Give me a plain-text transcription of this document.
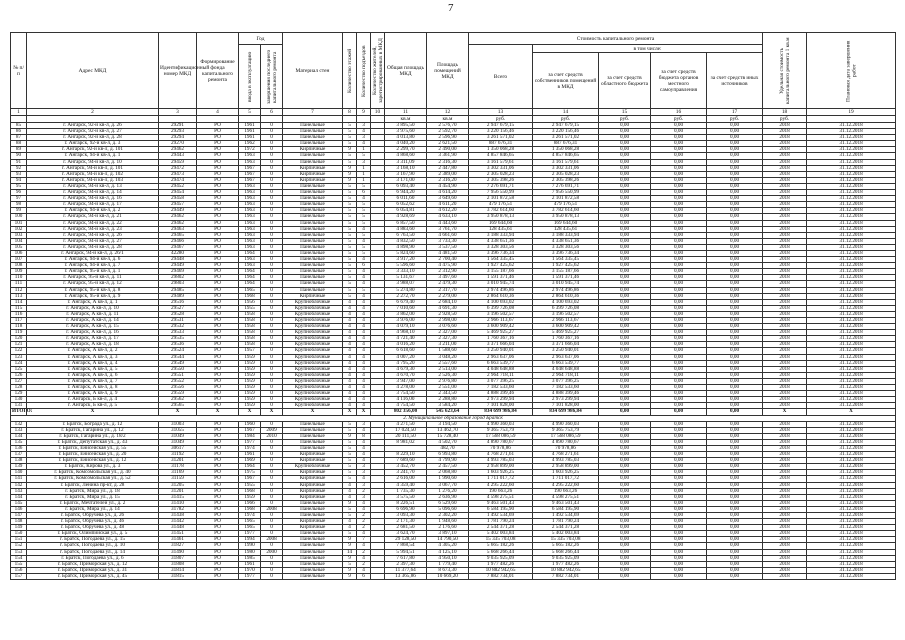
7
№ п/п	Адрес МКД	Идентификационный номер МКД	Формирование фонда капитального ремонта	Год		Материал стен	Количество этажей	Количество подъездов	Количество жителей, зарегистрированных в МКД	Общая площадь МКД	Площадь помещений МКД	Стоимость капитального ремонта					Удельная стоимость капитального ремонта 1 кв.м	Плановая дата завершения работ
				ввода в эксплуатацию	завершения последнего капитального ремонта							Всего	в том числе:					
													за счет средств собственников помещений в МКД	за счет средств областного бюджета	за счет средств бюджета органов местного самоуправления	за счет средств иных источников		
1	2	3	4	5	6	7	8	9	10	11	12	13	14	15	16	17	18	19
										кв.м	кв.м	руб.	руб.	руб.	руб.	руб.	руб.	
85	г. Ангарск, 92-й кв-л, д. 26	29291	РО	1961	0	Панельные	5	3		3 895,50	2 576,70	2 947 679,15	2 947 679,15	0,00	0,00	0,00	2018	31.12.2018
86	г. Ангарск, 92-й кв-л, д. 27	29293	РО	1961	0	Панельные	5	4		3 975,60	2 592,70	3 220 156,46	3 220 156,46	0,00	0,00	0,00	2018	31.12.2018
87	г. Ангарск, 92-й кв-л, д. 28	29294	РО	1961	0	Панельные	5	3		4 013,80	2 596,90	3 261 571,02	3 261 571,02	0,00	0,00	0,00	2018	31.12.2018
88	г. Ангарск, 92-й кв-л, д. 3	29270	РО	1962	0	Панельные	5	4		4 040,20	2 621,50	887 676,31	887 676,31	0,00	0,00	0,00	2018	31.12.2018
89	г. Ангарск, 92-й кв-л, д. 101	29462	РО	1972	0	Кирпичные	9	1		2 299,70	2 490,00	1 350 068,28	1 350 068,28	0,00	0,00	0,00	2018	31.12.2018
90	г. Ангарск, 94-й кв-л, д. 1	29443	РО	1963	0	Панельные	5	5		4 868,60	3 361,90	4 857 846,65	4 857 846,65	0,00	0,00	0,00	2018	31.12.2018
91	г. Ангарск, 94-й кв-л, д. 10	29459	РО	1963	0	Панельные	5	3		3 311,09	2 316,30	3 161 579,61	3 161 579,61	0,00	0,00	0,00	2018	31.12.2018
92	г. Ангарск, 94-й кв-л, д. 101	29472	РО	1967	0	Кирпичные	9	1		3 168,10	2 447,80	3 302 331,06	3 302 331,06	0,00	0,00	0,00	2018	31.12.2018
93	г. Ангарск, 94-й кв-л, д. 102	29473	РО	1967	0	Кирпичные	9	1		3 167,90	2 389,00	2 305 028,23	2 305 028,23	0,00	0,00	0,00	2018	31.12.2018
94	г. Ангарск, 94-й кв-л, д. 103	29474	РО	1967	0	Кирпичные	9	1		3 171,00	2 316,20	2 305 398,26	2 305 398,26	0,00	0,00	0,00	2018	31.12.2018
95	г. Ангарск, 94-й кв-л, д. 13	29452	РО	1963	0	Панельные	5	5		6 093,40	4 454,90	7 276 691,71	7 276 691,71	0,00	0,00	0,00	2018	31.12.2018
96	г. Ангарск, 94-й кв-л, д. 14	29454	РО	1963	0	Панельные	5	6		6 944,20	4 614,20	7 956 550,99	7 956 550,99	0,00	0,00	0,00	2018	31.12.2018
97	г. Ангарск, 94-й кв-л, д. 16	29458	РО	1963	0	Панельные	5	4		6 011,60	3 649,60	2 101 872,58	2 101 872,58	0,00	0,00	0,00	2018	31.12.2018
98	г. Ангарск, 94-й кв-л, д. 17	29457	РО	1963	0	Панельные	5	5		6 052,62	4 611,20	479 176,51	479 176,51	0,00	0,00	0,00	2018	31.12.2018
99	г. Ангарск, 94-й кв-л, д. 2	29449	РО	1963	0	Панельные	5	5		6 054,81	4 612,20	3 782 614,60	3 782 614,60	0,00	0,00	0,00	2018	31.12.2018
100	г. Ангарск, 94-й кв-л, д. 21	29462	РО	1963	0	Панельные	5	5		4 928,69	4 633,10	3 950 878,13	3 950 878,13	0,00	0,00	0,00	2018	31.12.2018
101	г. Ангарск, 94-й кв-л, д. 22	29462	РО	1963	0	Панельные	5	5		6 857,50	4 443,60	169 644,60	169 644,60	0,00	0,00	0,00	2018	31.12.2018
102	г. Ангарск, 94-й кв-л, д. 23	29463	РО	1963	0	Панельные	5	4		4 883,60	3 761,70	128 435,61	128 435,61	0,00	0,00	0,00	2018	31.12.2018
103	г. Ангарск, 94-й кв-л, д. 26	29465	РО	1963	0	Панельные	5	5		6 763,50	4 661,60	3 188 333,94	3 188 333,94	0,00	0,00	0,00	2018	31.12.2018
104	г. Ангарск, 94-й кв-л, д. 27	29466	РО	1963	0	Панельные	5	4		4 832,50	3 733,30	4 338 651,36	4 338 651,36	0,00	0,00	0,00	2018	31.12.2018
105	г. Ангарск, 94-й кв-л, д. 28	29467	РО	1963	0	Панельные	5	5		4 898,90	3 537,50	3 328 303,56	3 328 303,56	0,00	0,00	0,00	2018	31.12.2018
106	г. Ангарск, 94-й кв-л, д. 26/1	42280	РО	1964	0	Панельные	5	5		5 824,60	4 481,50	3 396 736,34	3 396 736,34	0,00	0,00	0,00	2018	31.12.2018
107	г. Ангарск, 94-й кв-л, д. 6	29448	РО	1963	0	Панельные	5	4		3 917,20	2 700,40	1 564 335,45	1 564 335,45	0,00	0,00	0,00	2018	31.12.2018
108	г. Ангарск, 94-й кв-л, д. 7	29449	РО	1963	0	Панельные	5	6		5 596,60	4 475,90	1 927 425,62	1 927 425,62	0,00	0,00	0,00	2018	31.12.2018
109	г. Ангарск, 95-й кв-л, д. 1	29469	РО	1964	0	Панельные	5	4		3 333,10	2 312,90	3 155 187,66	3 155 187,66	0,00	0,00	0,00	2018	31.12.2018
110	г. Ангарск, 95-й кв-л, д. 11	29802	РО	1964	0	Панельные	5	4		5 131,67	3 497,60	1 591 371,46	1 591 371,46	0,00	0,00	0,00	2018	31.12.2018
111	г. Ангарск, 95-й кв-л, д. 12	29803	РО	1964	0	Панельные	5	4		3 988,07	2 479,30	3 010 945,74	3 010 945,74	0,00	0,00	0,00	2018	31.12.2018
112	г. Ангарск, 95-й кв-л, д. 8	29485	РО	1965	0	Панельные	5	5		5 274,80	2 317,70	2 974 496,86	2 974 496,86	0,00	0,00	0,00	2018	31.12.2018
113	г. Ангарск, 95-й кв-л, д. 9	29489	РО	1968	0	Кирпичные	5	4		2 272,70	2 279,00	2 864 610,36	2 864 610,36	0,00	0,00	0,00	2018	31.12.2018
114	г. Ангарск, А кв-л, д. 1	29516	РО	1956	0	Крупноблочные	4	4		6 679,40	2 684,10	4 100 693,02	4 100 693,02	0,00	0,00	0,00	2018	31.12.2018
115	г. Ангарск, А кв-л, д. 10	29527	РО	1955	0	Крупноблочные	4	4		7 010,60	4 691,30	6 399 726,08	6 399 726,08	0,00	0,00	0,00	2018	31.12.2018
116	г. Ангарск, А кв-л, д. 11	29528	РО	1958	0	Крупноблочные	4	4		3 862,00	2 928,50	3 196 502,57	3 196 502,57	0,00	0,00	0,00	2018	31.12.2018
117	г. Ангарск, А кв-л, д. 14	29531	РО	1958	0	Крупноблочные	4	4		3 976,00	2 998,00	2 966 113,67	2 966 113,67	0,00	0,00	0,00	2018	31.12.2018
118	г. Ангарск, А кв-л, д. 15	29532	РО	1958	0	Крупноблочные	4	4		4 079,10	3 076,60	3 600 909,42	3 600 909,42	0,00	0,00	0,00	2018	31.12.2018
119	г. Ангарск, А кв-л, д. 16	29533	РО	1958	0	Крупноблочные	4	4		4 968,10	2 327,00	5 469 925,27	5 469 925,27	0,00	0,00	0,00	2018	31.12.2018
120	г. Ангарск, А кв-л, д. 17	29535	РО	1958	0	Крупноблочные	4	4		4 721,40	2 327,30	1 760 367,16	1 760 367,16	0,00	0,00	0,00	2018	31.12.2018
121	г. Ангарск, А кв-л, д. 18	29536	РО	1958	0	Крупноблочные	4	4		4 016,20	3 211,00	3 371 666,04	3 371 666,04	0,00	0,00	0,00	2018	31.12.2018
122	г. Ангарск, А кв-л, д. 2	29524	РО	1957	0	Крупноблочные	4	4		6 618,60	1 588,60	3 250 940,01	3 250 940,01	0,00	0,00	0,00	2018	31.12.2018
123	г. Ангарск, А кв-л, д. 3	29544	РО	1959	0	Крупноблочные	4	4		4 007,20	3 048,20	2 963 637,06	2 963 637,06	0,00	0,00	0,00	2018	31.12.2018
124	г. Ангарск, А кв-л, д. 4	29549	РО	1959	0	Крупноблочные	4	4		4 795,20	2 557,60	6 663 539,77	6 663 539,77	0,00	0,00	0,00	2018	31.12.2018
125	г. Ангарск, А кв-л, д. 5	29550	РО	1959	0	Крупноблочные	4	4		4 679,30	2 513,00	4 048 648,88	4 048 648,88	0,00	0,00	0,00	2018	31.12.2018
126	г. Ангарск, А кв-л, д. 6	29551	РО	1959	0	Крупноблочные	4	4		4 670,70	2 526,30	2 964 718,11	2 964 718,11	0,00	0,00	0,00	2018	31.12.2018
127	г. Ангарск, А кв-л, д. 7	29552	РО	1959	0	Крупноблочные	4	4		3 947,00	2 976,80	3 077 396,25	3 077 396,25	0,00	0,00	0,00	2018	31.12.2018
128	г. Ангарск, А кв-л, д. 8	29556	РО	1959	0	Крупноблочные	4	4		4 278,00	2 551,00	7 182 533,60	7 182 533,60	0,00	0,00	0,00	2018	31.12.2018
129	г. Ангарск, А кв-л, д. 9	29559	РО	1959	0	Крупноблочные	4	4		3 754,50	2 343,50	4 888 399,46	4 888 399,46	0,00	0,00	0,00	2018	31.12.2018
130	г. Ангарск, Б кв-л, д. 4	29562	РО	1959	0	Крупноблочные	4	4		4 116,00	2 288,80	2 973 299,94	2 973 299,94	0,00	0,00	0,00	2018	31.12.2018
131	г. Ангарск, Б кв-л, д. 5	29565	РО	1959	0	Крупноблочные	4	4		4 754,50	3 584,20	7 101 828,00	7 101 828,00	0,00	0,00	0,00	2018	31.12.2018
ИТОГО:	X	X	X	X	X	X	X	X		802 356,00	545 623,64	834 699 986,84	834 699 986,84	0,00	0,00	0,00	X	X
2. Муниципальное образование город Братск																		
132	г. Братск, Бограда ул., д. 12	31003	РО	1960	0	Панельные	5	3		4 271,50	3 194,50	4 990 360,03	4 990 360,03	0,00	0,00	0,00	2018	31.12.2018
133	г. Братск, Гагарина ул., д. 12	31055	РО	1967	2009	Панельные	5	4		17 024,50	13 462,70	9 365 753,79	9 365 753,79	0,00	0,00	0,00	2018	31.12.2018
134	г. Братск, Гагарина ул., д. 18/2	31049	РО	1984	2010	Панельные	9	8		20 111,50	15 728,40	17 568 086,59	17 568 086,59	0,00	0,00	0,00	2018	31.12.2018
135	г. Братск, Депутатская ул., д. 43	31049	РО	1977	0	Панельные	5	4		8 981,02	4 502,70	4 890 780,67	4 890 780,67	0,00	0,00	0,00	2018	31.12.2018
136	г. Братск, Енисейская ул., д. 55	30617	РО	1974	0	Панельные	5	4			482,70	70 978,86	70 978,86	0,00	0,00	0,00	2018	31.12.2018
137	г. Братск, Енисейская ул., д. 20	31192	РО	1961	0	Кирпичные	5	4		8 229,10	6 993,80	4 768 271,61	4 768 271,61	0,00	0,00	0,00	2018	31.12.2018
138	г. Братск, Енисейская ул., д. 12	31201	РО	1969	0	Кирпичные	5	4		7 689,60	4 799,90	4 993 785,03	4 993 785,03	0,00	0,00	0,00	2018	31.12.2018
139	г. Братск, Кирова ул., д. 3	31178	РО	1964	0	Крупноблочные	5	3		3 452,70	2 457,50	2 958 899,00	2 958 899,00	0,00	0,00	0,00	2018	31.12.2018
140	г. Братск, Комсомольская ул., д. 40	31169	РО	1975	0	Кирпичные	5	3		3 241,70	2 068,80	1 603 926,25	1 603 926,25	0,00	0,00	0,00	2018	31.12.2018
141	г. Братск, Комсомольская ул., д. 52	31159	РО	1967	0	Кирпичные	5	4		2 616,00	1 990,60	1 711 017,72	1 711 017,72	0,00	0,00	0,00	2018	31.12.2018
142	г. Братск, Ленина пр-кт, д. 28	31205	РО	1955	0	Кирпичные	4	3		4 359,40	3 067,70	4 295 222,60	4 295 222,60	0,00	0,00	0,00	2018	31.12.2018
143	г. Братск, Мира ул., д. 18	31201	РО	1968	0	Кирпичные	4	2		1 735,30	1 276,20	190 663,26	190 663,26	0,00	0,00	0,00	2018	31.12.2018
144	г. Братск, Мира ул., д. 15	31415	РО	1959	0	Кирпичные	4	3		3 575,50	2 636,90	4 598 275,51	4 598 275,51	0,00	0,00	0,00	2018	31.12.2018
145	г. Братск, Мечтателей ул., д. 2	31410	РО	1966	0	Панельные	9	4		8 226,51	6 529,60	9 463 501,43	9 463 501,43	0,00	0,00	0,00	2018	31.12.2018
146	г. Братск, Мира ул., д. 14	31782	РО	1968	2008	Панельные	5	4		6 696,90	5 096,60	6 584 195,90	6 584 195,90	0,00	0,00	0,00	2018	31.12.2018
147	г. Братск, Обручева ул., д. 26	31438	РО	1974	0	Панельные	5	2		3 093,30	2 302,20	1 492 534,69	1 492 534,69	0,00	0,00	0,00	2018	31.12.2018
148	г. Братск, Обручева ул., д. 46	31442	РО	1965	0	Кирпичные	4	2		2 171,30	1 948,60	1 781 790,24	1 781 790,24	0,00	0,00	0,00	2018	31.12.2018
149	г. Братск, Обручева ул., д. 48	31448	РО	1965	0	Кирпичные	4	2		2 681,50	2 176,60	2 544 371,28	2 544 371,28	0,00	0,00	0,00	2018	31.12.2018
150	г. Братск, Олимпийская ул., д. 5	31451	РО	1977	0	Панельные	5	4		3 624,70	3 897,10	5 402 003,84	5 402 003,84	0,00	0,00	0,00	2018	31.12.2018
151	г. Братск, Погодаева ул., д. 15	31461	РО	1994	2008	Панельные	9	7		29 128,50	14 790,50	15 335 703,08	15 335 703,08	0,00	0,00	0,00	2018	31.12.2018
152	г. Братск, Погодаева ул., д. 10	31827	РО	1990	0	Панельные	9	4		7 868,54	4 305,20	5 665 182,26	5 665 182,26	0,00	0,00	0,00	2018	31.12.2018
153	г. Братск, Погодаева ул., д. 14	31490	РО	1980	2000	Панельные	14	2		5 994,51	4 125,10	5 668 266,44	5 668 266,44	0,00	0,00	0,00	2018	31.12.2018
154	г. Братск, Погодаева ул., д. 6	31807	РО	1985	0	Панельные	9	4		7 617,80	4 950,10	9 035 925,09	9 035 925,09	0,00	0,00	0,00	2018	31.12.2018
155	г. Братск, Приморская ул., д. 12	31808	РО	1961	0	Панельные	5	2		2 397,30	1 779,40	1 977 482,26	1 977 482,26	0,00	0,00	0,00	2018	31.12.2018
156	г. Братск, Приморская ул., д. 31	31814	РО	1970	0	Панельные	9	4		11 377,64	8 673,30	10 882 942,65	10 882 942,65	0,00	0,00	0,00	2018	31.12.2018
157	г. Братск, Приморская ул., д. 45	31815	РО	1977	0	Панельные	9	6		13 365,86	10 669,20	7 882 734,01	7 882 734,01	0,00	0,00	0,00	2018	31.12.2018
